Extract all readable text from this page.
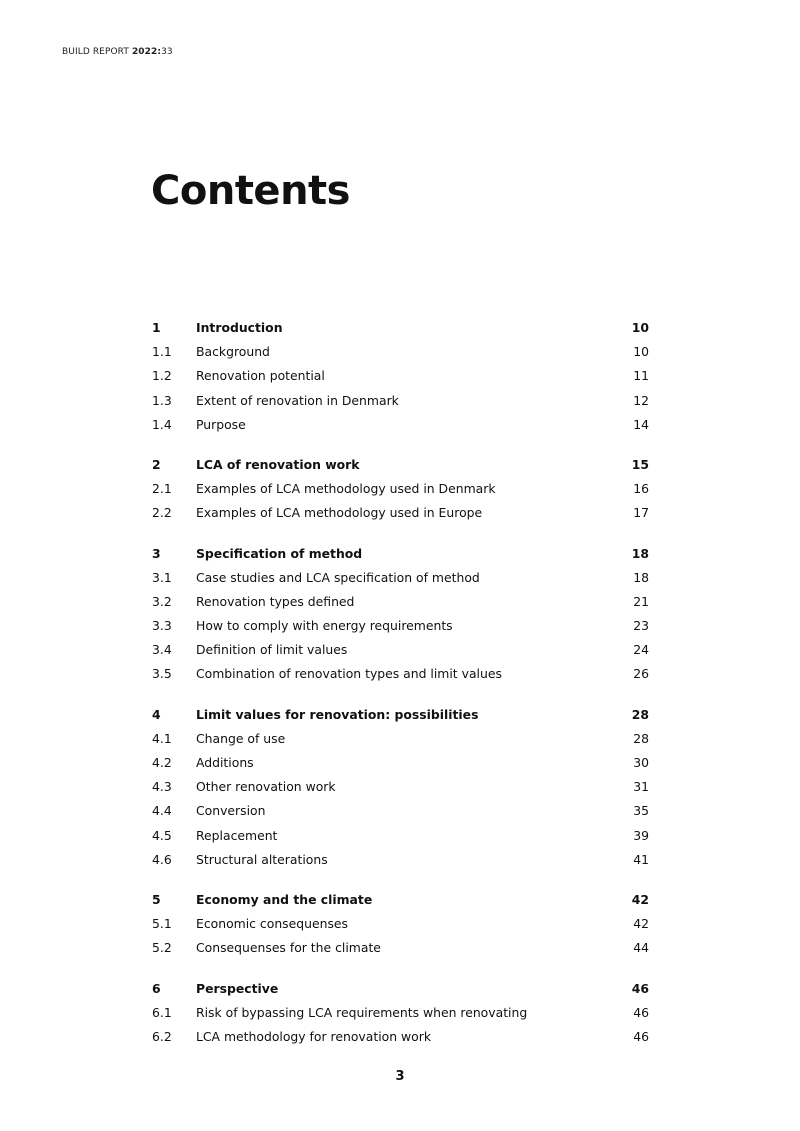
BUILD REPORT 2022:33
Contents
1	Introduction	10
1.1	Background	10
1.2	Renovation potential	11
1.3	Extent of renovation in Denmark	12
1.4	Purpose	14
2	LCA of renovation work	15
2.1	Examples of LCA methodology used in Denmark	16
2.2	Examples of LCA methodology used in Europe	17
3	Specification of method	18
3.1	Case studies and LCA specification of method	18
3.2	Renovation types defined	21
3.3	How to comply with energy requirements	23
3.4	Definition of limit values	24
3.5	Combination of renovation types and limit values	26
4	Limit values for renovation: possibilities	28
4.1	Change of use	28
4.2	Additions	30
4.3	Other renovation work	31
4.4	Conversion	35
4.5	Replacement	39
4.6	Structural alterations	41
5	Economy and the climate	42
5.1	Economic consequenses	42
5.2	Consequenses for the climate	44
6	Perspective	46
6.1	Risk of bypassing LCA requirements when renovating	46
6.2	LCA methodology for renovation work	46
3
